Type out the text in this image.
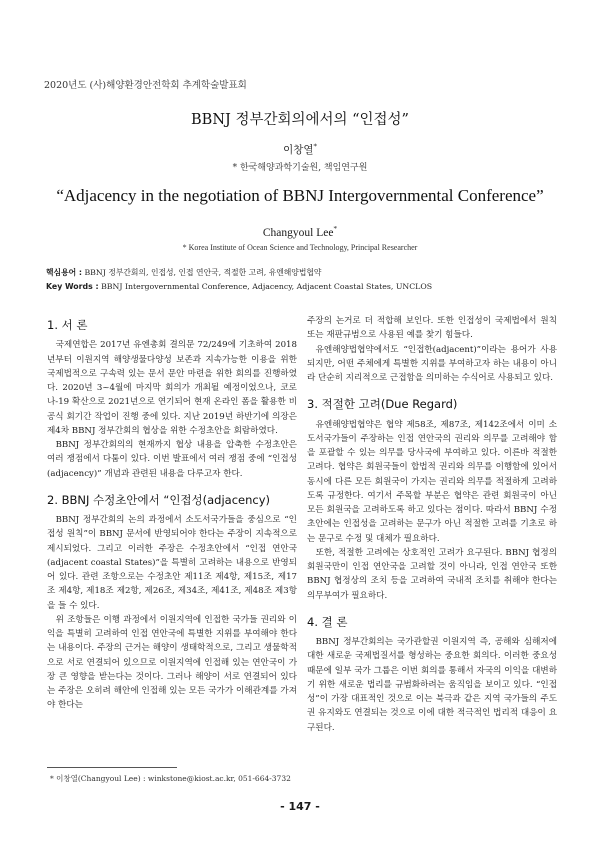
2020년도 (사)해양환경안전학회 추계학술발표회
BBNJ 정부간회의에서의 “인접성”
이창열*
* 한국해양과학기술원, 책임연구원
“Adjacency in the negotiation of BBNJ Intergovernmental Conference”
Changyoul Lee*
* Korea Institute of Ocean Science and Technology, Principal Researcher
핵심용어 : BBNJ 정부간회의, 인접성, 인접 연안국, 적절한 고려, 유엔해양법협약
Key Words : BBNJ Intergovernmental Conference, Adjacency, Adjacent Coastal States, UNCLOS
1. 서 론

국제연합은 2017년 유엔총회 결의문 72/249에 기초하여 2018년부터 이원지역 해양생물다양성 보존과 지속가능한 이용을 위한 국제법적으로 구속력 있는 문서 문안 마련을 위한 회의를 진행하였다. 2020년 3~4월에 마지막 회의가 개최될 예정이었으나, 코로나-19 확산으로 2021년으로 연기되어 현재 온라인 폼을 활용한 비공식 회기간 작업이 진행 중에 있다. 지난 2019년 하반기에 의장은 제4차 BBNJ 정부간회의 협상을 위한 수정초안을 회람하였다.

BBNJ 정부간회의의 현재까지 협상 내용을 압축한 수정초안은 여러 쟁점에서 다툼이 있다. 이번 발표에서 여러 쟁점 중에 “인접성(adjacency)” 개념과 관련된 내용을 다루고자 한다.

2. BBNJ 수정초안에서 “인접성(adjacency)

BBNJ 정부간회의 논의 과정에서 소도서국가들을 중심으로 “인접성 원칙”이 BBNJ 문서에 반영되어야 한다는 주장이 지속적으로 제시되었다. 그리고 이러한 주장은 수정초안에서 “인접 연안국(adjacent coastal States)”을 특별히 고려하는 내용으로 반영되어 있다. 관련 조항으로는 수정초안 제11조 제4항, 제15조, 제17조 제4항, 제18조 제2항, 제26조, 제34조, 제41조, 제48조 제3항을 들 수 있다.

위 조항들은 이행 과정에서 이원지역에 인접한 국가들 권리와 이익을 특별히 고려하여 인접 연안국에 특별한 지위를 부여해야 한다는 내용이다. 주장의 근거는 해양이 생태학적으로, 그리고 생물학적으로 서로 연결되어 있으므로 이원지역에 인접해 있는 연안국이 가장 큰 영향을 받는다는 것이다. 그러나 해양이 서로 연결되어 있다는 주장은 오히려 해안에 인접해 있는 모든 국가가 이해관계를 가져야 한다는

주장의 논거로 더 적합해 보인다. 또한 인접성이 국제법에서 원칙 또는 재판규범으로 사용된 예를 찾기 힘들다.

유엔해양법협약에서도 “인접한(adjacent)”이라는 용어가 사용되지만, 어떤 주체에게 특별한 지위를 부여하고자 하는 내용이 아니라 단순히 지리적으로 근접함을 의미하는 수식어로 사용되고 있다.

3. 적절한 고려(Due Regard)

유엔해양법협약은 협약 제58조, 제87조, 제142조에서 이미 소도서국가들이 주장하는 인접 연안국의 권리와 의무를 고려해야 함을 포괄할 수 있는 의무를 당사국에 부여하고 있다. 이른바 적절한 고려다. 협약은 회원국들이 합법적 권리와 의무를 이행함에 있어서 동시에 다른 모든 회원국이 가지는 권리와 의무를 적절하게 고려하도록 규정한다. 여기서 주목할 부분은 협약은 관련 회원국이 아닌 모든 회원국을 고려하도록 하고 있다는 점이다. 따라서 BBNJ 수정초안에는 인접성을 고려하는 문구가 아닌 적절한 고려를 기초로 하는 문구로 수정 및 대체가 필요하다.

또한, 적절한 고려에는 상호적인 고려가 요구된다. BBNJ 협정의 회원국만이 인접 연안국을 고려할 것이 아니라, 인접 연안국 또한 BBNJ 협정상의 조치 등을 고려하여 국내적 조치를 취해야 한다는 의무부여가 필요하다.

4. 결 론

BBNJ 정부간회의는 국가관할권 이원지역 즉, 공해와 심해저에 대한 새로운 국제법질서를 형성하는 중요한 회의다. 이러한 중요성 때문에 일부 국가 그룹은 이번 회의를 통해서 자국의 이익을 대변하기 위한 새로운 법리를 규범화하려는 움직임을 보이고 있다. “인접성”이 가장 대표적인 것으로 이는 북극과 같은 지역 국가들의 주도권 유지와도 연결되는 것으로 이에 대한 적극적인 법리적 대응이 요구된다.

* 이창열(Changyoul Lee) : winkstone@kiost.ac.kr, 051-664-3732
- 147 -
